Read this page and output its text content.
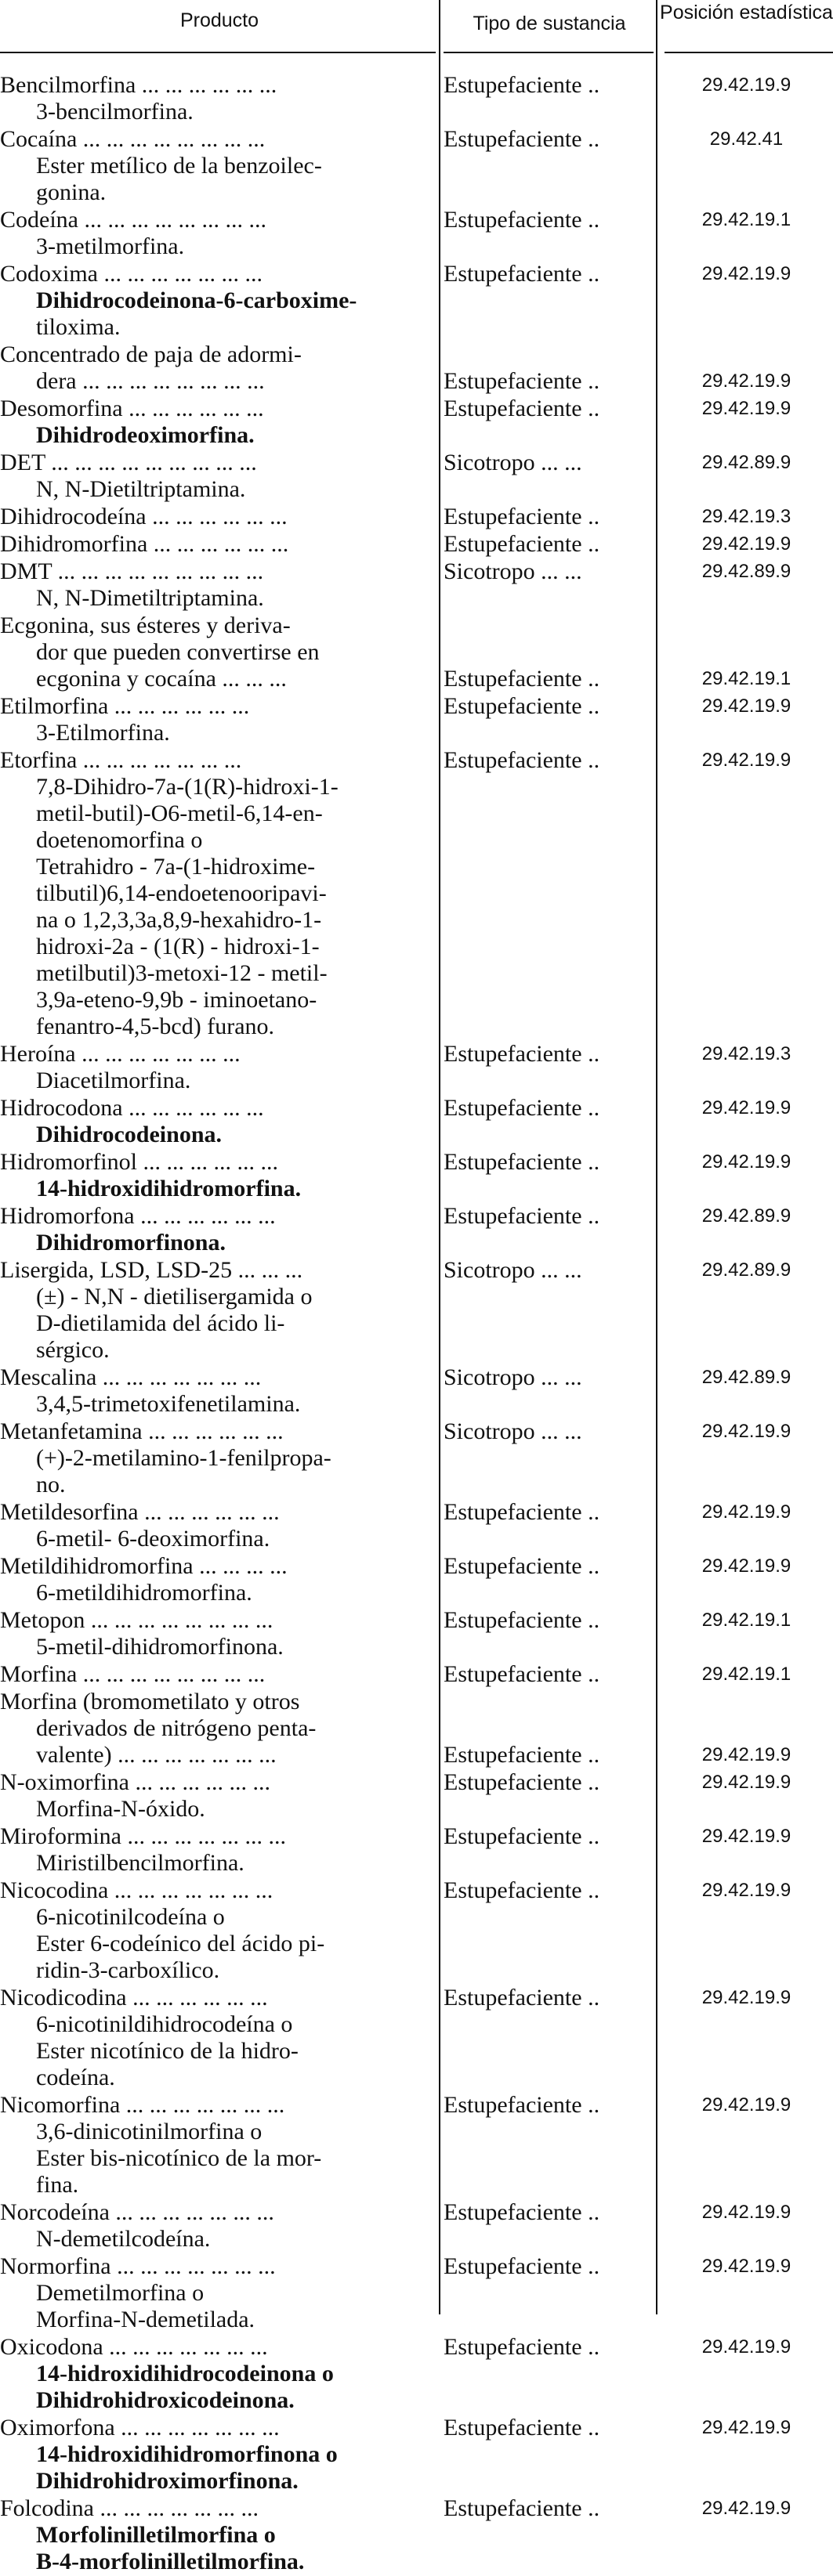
Producto	Tipo de sustancia	Posición estadística
Bencilmorfina ... ... ... ... ... ...
3-bencilmorfina.
Estupefaciente ..	29.42.19.9
Cocaína ... ... ... ... ... ... ... ...
Ester metílico de la benzoilec-
gonina.
Estupefaciente ..	29.42.41
Codeína ... ... ... ... ... ... ... ...
3-metilmorfina.
Estupefaciente ..	29.42.19.1
Codoxima ... ... ... ... ... ... ...
Dihidrocodeinona-6-carboxime-
tiloxima.
Estupefaciente ..	29.42.19.9
Concentrado de paja de adormi-
dera ... ... ... ... ... ... ... ...	Estupefaciente ..	29.42.19.9
Desomorfina ... ... ... ... ... ...
Dihidrodeoximorfina.
Estupefaciente ..	29.42.19.9
DET ... ... ... ... ... ... ... ... ...
N, N-Dietiltriptamina.
Sicotropo ... ...	29.42.89.9
Dihidrocodeína ... ... ... ... ... ...	Estupefaciente ..	29.42.19.3
Dihidromorfina ... ... ... ... ... ...	Estupefaciente ..	29.42.19.9
DMT ... ... ... ... ... ... ... ... ...
N, N-Dimetiltriptamina.
Sicotropo ... ...	29.42.89.9
Ecgonina, sus ésteres y deriva-
dor que pueden convertirse en
ecgonina y cocaína ... ... ...	Estupefaciente ..	29.42.19.1
Etilmorfina ... ... ... ... ... ...
3-Etilmorfina.
Estupefaciente ..	29.42.19.9
Etorfina ... ... ... ... ... ... ...
7,8-Dihidro-7a-(1(R)-hidroxi-1-
metil-butil)-O6-metil-6,14-en-
doetenomorfina o
Tetrahidro - 7a-(1-hidroxime-
tilbutil)6,14-endoetenooripavi-
na o 1,2,3,3a,8,9-hexahidro-1-
hidroxi-2a - (1(R) - hidroxi-1-
metilbutil)3-metoxi-12 - metil-
3,9a-eteno-9,9b - iminoetano-
fenantro-4,5-bcd) furano.
Estupefaciente ..	29.42.19.9
Heroína ... ... ... ... ... ... ...
Diacetilmorfina.
Estupefaciente ..	29.42.19.3
Hidrocodona ... ... ... ... ... ...
Dihidrocodeinona.
Estupefaciente ..	29.42.19.9
Hidromorfinol ... ... ... ... ... ...
14-hidroxidihidromorfina.
Estupefaciente ..	29.42.19.9
Hidromorfona ... ... ... ... ... ...
Dihidromorfinona.
Estupefaciente ..	29.42.89.9
Lisergida, LSD, LSD-25 ... ... ...
(±) - N,N - dietilisergamida o
D-dietilamida del ácido li-
sérgico.
Sicotropo ... ...	29.42.89.9
Mescalina ... ... ... ... ... ... ...
3,4,5-trimetoxifenetilamina.
Sicotropo ... ...	29.42.89.9
Metanfetamina ... ... ... ... ... ...
(+)-2-metilamino-1-fenilpropa-
no.
Sicotropo ... ...	29.42.19.9
Metildesorfina ... ... ... ... ... ...
6-metil- 6-deoximorfina.
Estupefaciente ..	29.42.19.9
Metildihidromorfina ... ... ... ...
6-metildihidromorfina.
Estupefaciente ..	29.42.19.9
Metopon ... ... ... ... ... ... ... ...
5-metil-dihidromorfinona.
Estupefaciente ..	29.42.19.1
Morfina ... ... ... ... ... ... ... ...	Estupefaciente ..	29.42.19.1
Morfina (bromometilato y otros
derivados de nitrógeno penta-
valente) ... ... ... ... ... ... ...	Estupefaciente ..	29.42.19.9
N-oximorfina ... ... ... ... ... ...
Morfina-N-óxido.
Estupefaciente ..	29.42.19.9
Miroformina ... ... ... ... ... ... ...
Miristilbencilmorfina.
Estupefaciente ..	29.42.19.9
Nicocodina ... ... ... ... ... ... ...
6-nicotinilcodeína o
Ester 6-codeínico del ácido pi-
ridin-3-carboxílico.
Estupefaciente ..	29.42.19.9
Nicodicodina ... ... ... ... ... ...
6-nicotinildihidrocodeína o
Ester nicotínico de la hidro-
codeína.
Estupefaciente ..	29.42.19.9
Nicomorfina ... ... ... ... ... ... ...
3,6-dinicotinilmorfina o
Ester bis-nicotínico de la mor-
fina.
Estupefaciente ..	29.42.19.9
Norcodeína ... ... ... ... ... ... ...
N-demetilcodeína.
Estupefaciente ..	29.42.19.9
Normorfina ... ... ... ... ... ... ...
Demetilmorfina o
Morfina-N-demetilada.
Estupefaciente ..	29.42.19.9
Oxicodona ... ... ... ... ... ... ...
14-hidroxidihidrocodeinona o
Dihidrohidroxicodeinona.
Estupefaciente ..	29.42.19.9
Oximorfona ... ... ... ... ... ... ...
14-hidroxidihidromorfinona o
Dihidrohidroximorfinona.
Estupefaciente ..	29.42.19.9
Folcodina ... ... ... ... ... ... ...
Morfolinilletilmorfina o
B-4-morfolinilletilmorfina.
Estupefaciente ..	29.42.19.9
